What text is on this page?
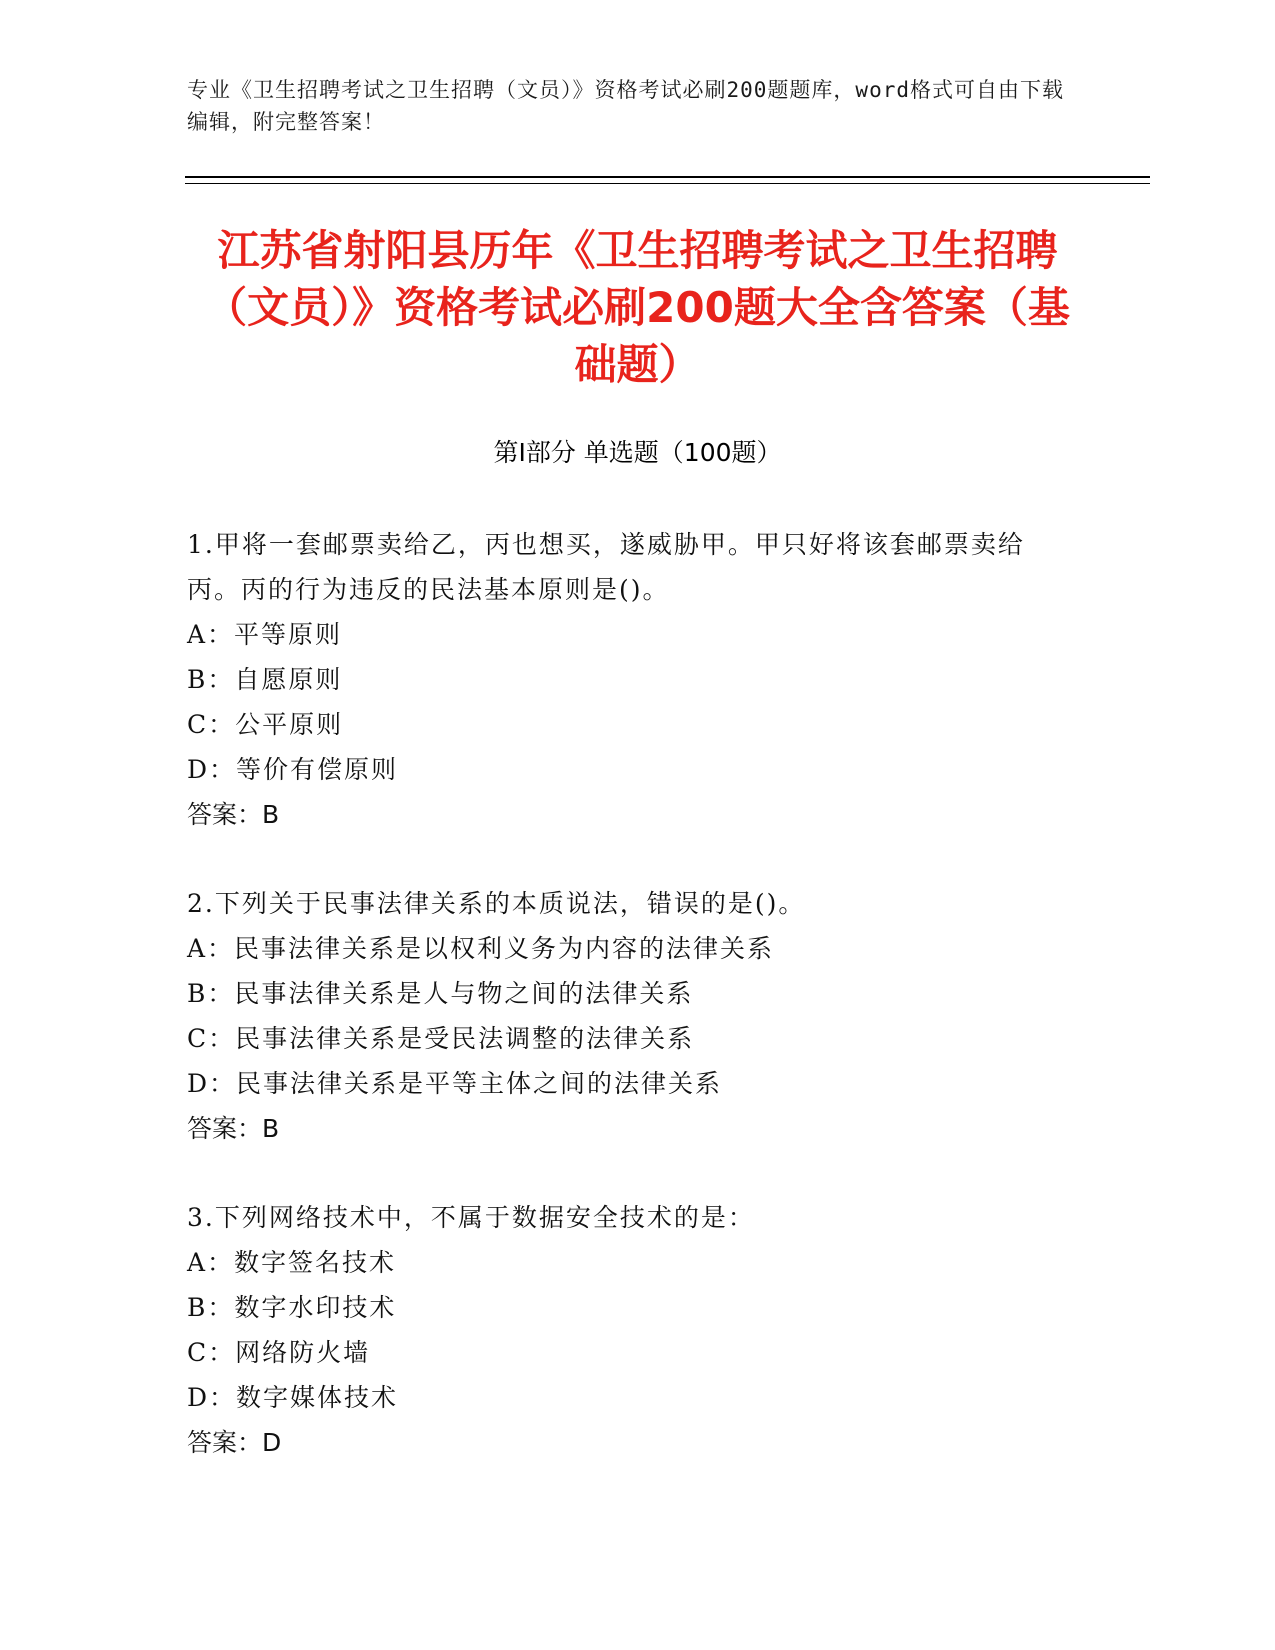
专业《卫生招聘考试之卫生招聘（文员）》资格考试必刷200题题库，word格式可自由下载编辑，附完整答案！
江苏省射阳县历年《卫生招聘考试之卫生招聘（文员）》资格考试必刷200题大全含答案（基础题）
第I部分 单选题（100题）
1.甲将一套邮票卖给乙，丙也想买，遂威胁甲。甲只好将该套邮票卖给丙。丙的行为违反的民法基本原则是()。
A：平等原则
B：自愿原则
C：公平原则
D：等价有偿原则
答案：B
2.下列关于民事法律关系的本质说法，错误的是()。
A：民事法律关系是以权利义务为内容的法律关系
B：民事法律关系是人与物之间的法律关系
C：民事法律关系是受民法调整的法律关系
D：民事法律关系是平等主体之间的法律关系
答案：B
3.下列网络技术中，不属于数据安全技术的是：
A：数字签名技术
B：数字水印技术
C：网络防火墙
D：数字媒体技术
答案：D
